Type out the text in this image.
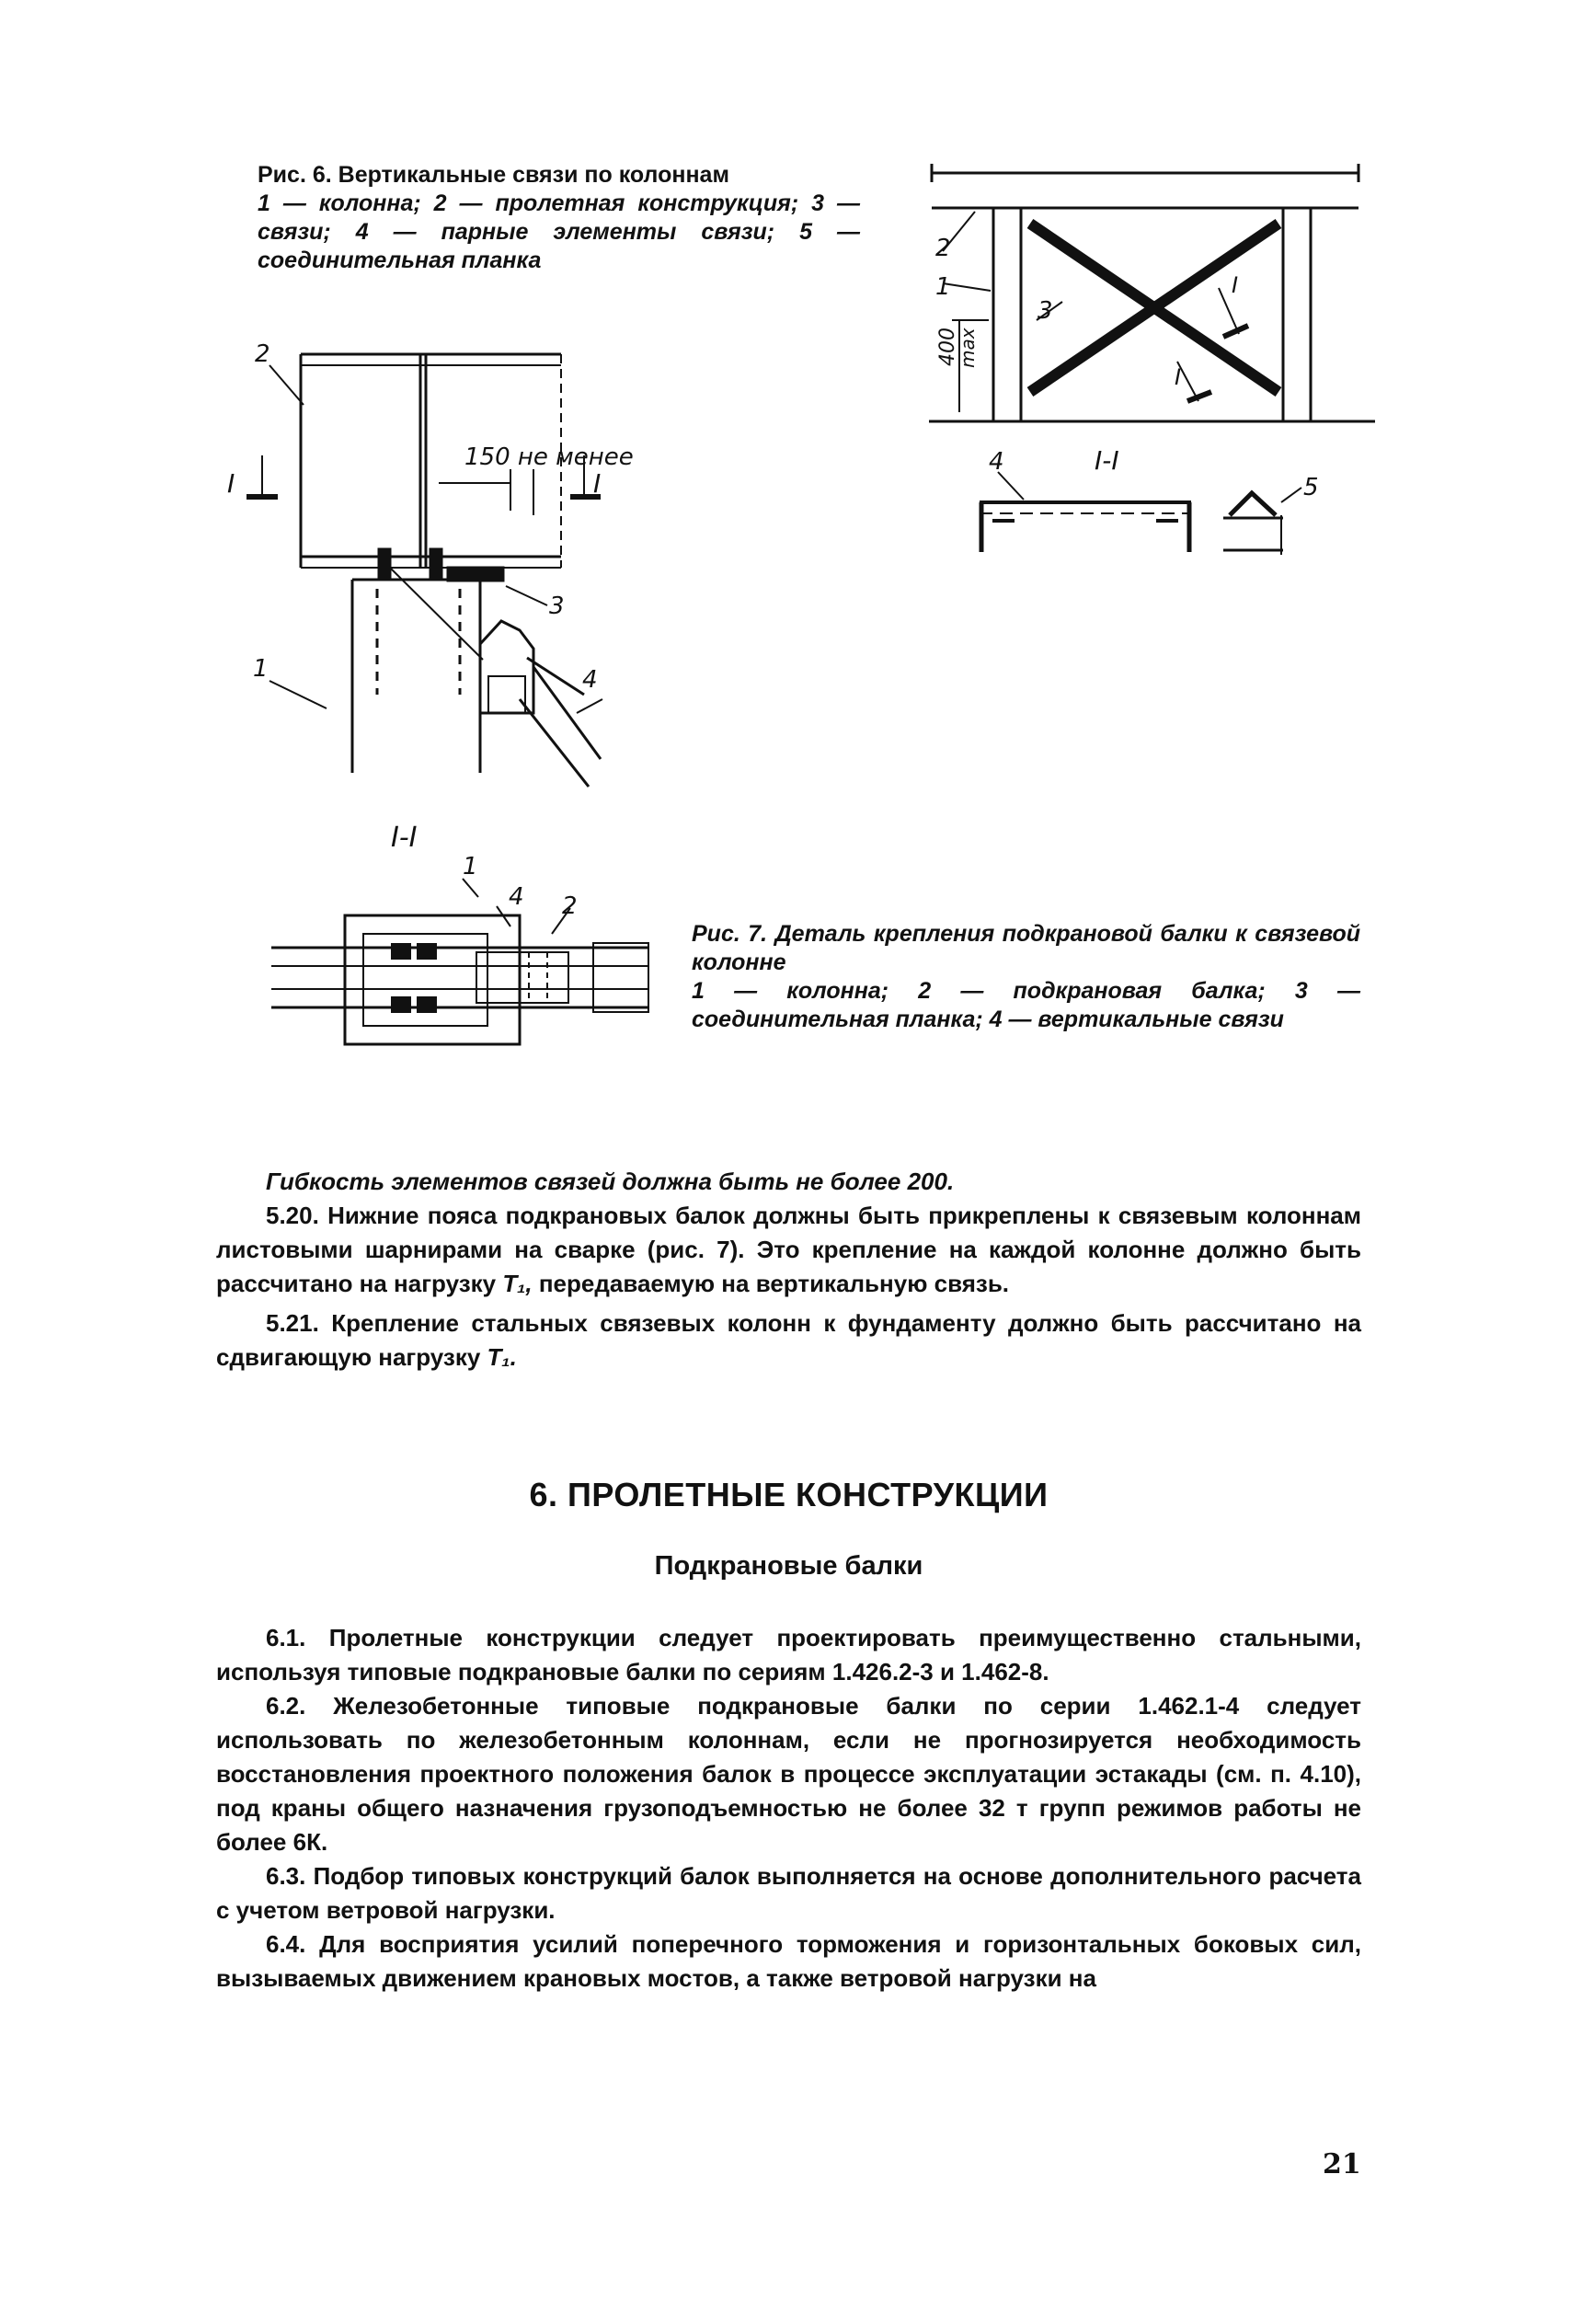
Рис. 6. Вертикальные связи по колоннам

1 — колонна; 2 — пролетная конструкция; 3 — связи; 4 — парные элементы связи; 5 — соединительная планка	2
1
3
400
max
I
I
I-I
4
5
2
1
3
4
150 не менее
I	I
I-I
1
4 2

Рис. 7. Деталь крепления подкрановой балки к связевой колонне

1 — колонна; 2 — подкрановая балка; 3 — соединительная планка; 4 — вертикальные связи

Гибкость элементов связей должна быть не более 200.

5.20. Нижние пояса подкрановых балок должны быть прикреплены к связевым колоннам листовыми шарнирами на сварке (рис. 7). Это крепление на каждой колонне должно быть рассчитано на нагрузку T₁, передаваемую на вертикальную связь.

5.21. Крепление стальных связевых колонн к фундаменту должно быть рассчитано на сдвигающую нагрузку T₁.

6. ПРОЛЕТНЫЕ КОНСТРУКЦИИ
Подкрановые балки

6.1. Пролетные конструкции следует проектировать преимущественно стальными, используя типовые подкрановые балки по сериям 1.426.2-3 и 1.462-8.

6.2. Железобетонные типовые подкрановые балки по серии 1.462.1-4 следует использовать по железобетонным колоннам, если не прогнозируется необходимость восстановления проектного положения балок в процессе эксплуатации эстакады (см. п. 4.10), под краны общего назначения грузоподъемностью не более 32 т групп режимов работы не более 6К.

6.3. Подбор типовых конструкций балок выполняется на основе дополнительного расчета с учетом ветровой нагрузки.

6.4. Для восприятия усилий поперечного торможения и горизонтальных боковых сил, вызываемых движением крановых мостов, а также ветровой нагрузки на

21
